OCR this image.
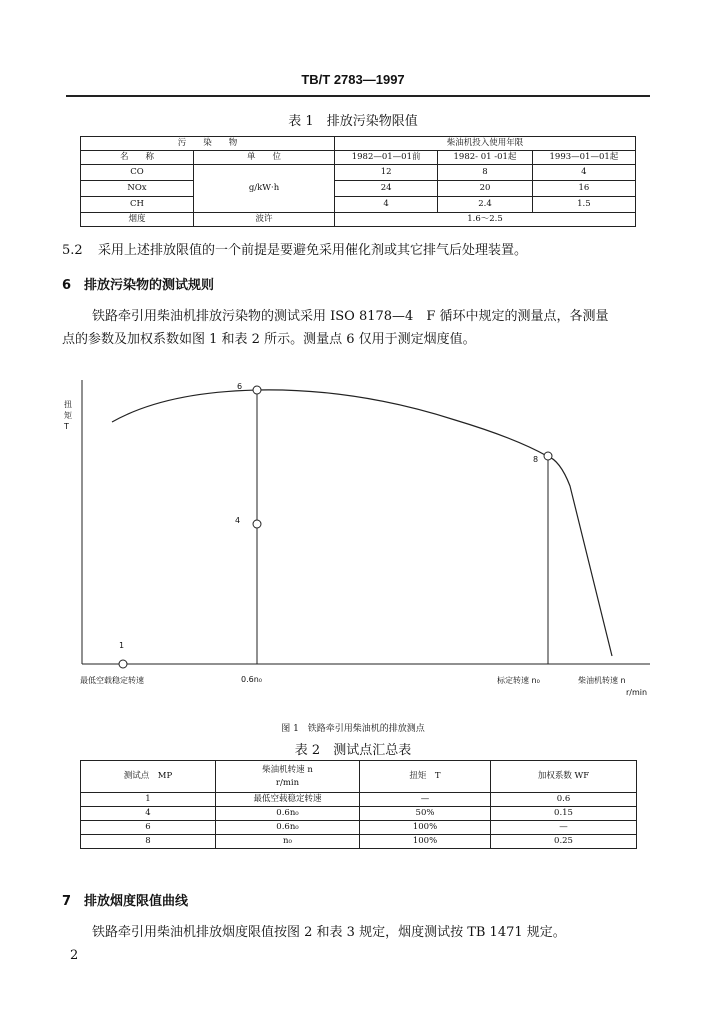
TB/T 2783—1997
表 1　排放污染物限值
污　　染　　物		柴油机投入使用年限		
名　　称	单　　位	1982—01—01前	1982- 01 -01起	1993—01—01起
CO	g/kW·h	12	8	4
NOx		24	20	16
CH		4	2.4	1.5
烟度	波许	1.6～2.5		
5.2 采用上述排放限值的一个前提是要避免采用催化剂或其它排气后处理装置。
6　排放污染物的测试规则
铁路牵引用柴油机排放污染物的测试采用 ISO 8178—4　F 循环中规定的测量点，各测量
点的参数及加权系数如图 1 和表 2 所示。测量点 6 仅用于测定烟度值。
扭矩 T
6
4
8
1
最低空载稳定转速	0.6n₀	标定转速 n₀	柴油机转速 n
r/min
图 1　铁路牵引用柴油机的排放测点
表 2　测试点汇总表
测试点　MP	柴油机转速 n
r/min	扭矩　T	加权系数 WF
1	最低空载稳定转速	—	0.6
4	0.6n₀	50%	0.15
6	0.6n₀	100%	—
8	n₀	100%	0.25
7　排放烟度限值曲线
铁路牵引用柴油机排放烟度限值按图 2 和表 3 规定，烟度测试按 TB 1471 规定。
2
